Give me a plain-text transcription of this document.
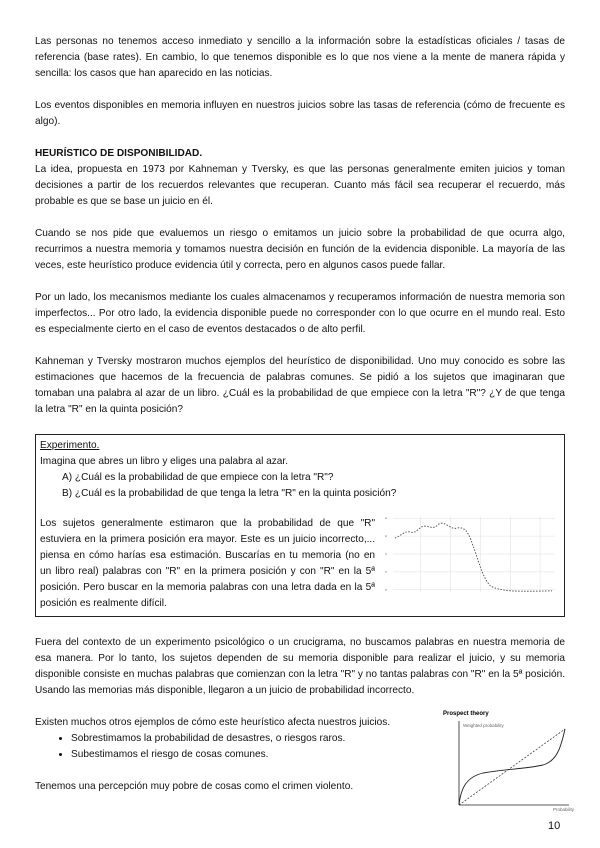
Las personas no tenemos acceso inmediato y sencillo a la información sobre la estadísticas oficiales / tasas de referencia (base rates). En cambio, lo que tenemos disponible es lo que nos viene a la mente de manera rápida y sencilla: los casos que han aparecido en las noticias.

Los eventos disponibles en memoria influyen en nuestros juicios sobre las tasas de referencia (cómo de frecuente es algo).

HEURÍSTICO DE DISPONIBILIDAD.

La idea, propuesta en 1973 por Kahneman y Tversky, es que las personas generalmente emiten juicios y toman decisiones a partir de los recuerdos relevantes que recuperan. Cuanto más fácil sea recuperar el recuerdo, más probable es que se base un juicio en él.

Cuando se nos pide que evaluemos un riesgo o emitamos un juicio sobre la probabilidad de que ocurra algo, recurrimos a nuestra memoria y tomamos nuestra decisión en función de la evidencia disponible. La mayoría de las veces, este heurístico produce evidencia útil y correcta, pero en algunos casos puede fallar.

Por un lado, los mecanismos mediante los cuales almacenamos y recuperamos información de nuestra memoria son imperfectos... Por otro lado, la evidencia disponible puede no corresponder con lo que ocurre en el mundo real. Esto es especialmente cierto en el caso de eventos destacados o de alto perfil.

Kahneman y Tversky mostraron muchos ejemplos del heurístico de disponibilidad. Uno muy conocido es sobre las estimaciones que hacemos de la frecuencia de palabras comunes. Se pidió a los sujetos que imaginaran que tomaban una palabra al azar de un libro. ¿Cuál es la probabilidad de que empiece con la letra "R"? ¿Y de que tenga la letra "R" en la quinta posición?

Experimento.
Imagina que abres un libro y eliges una palabra al azar.
A) ¿Cuál es la probabilidad de que empiece con la letra "R"?
B) ¿Cuál es la probabilidad de que tenga la letra "R" en la quinta posición?

Los sujetos generalmente estimaron que la probabilidad de que "R" estuviera en la primera posición era mayor. Este es un juicio incorrecto,... piensa en cómo harías esa estimación. Buscarías en tu memoria (no en un libro real) palabras con "R" en la primera posición y con "R" en la 5ª posición. Pero buscar en la memoria palabras con una letra dada en la 5ª posición es realmente difícil.

Fuera del contexto de un experimento psicológico o un crucigrama, no buscamos palabras en nuestra memoria de esa manera. Por lo tanto, los sujetos dependen de su memoria disponible para realizar el juicio, y su memoria disponible consiste en muchas palabras que comienzan con la letra "R" y no tantas palabras con "R" en la 5ª posición. Usando las memorias más disponible, llegaron a un juicio de probabilidad incorrecto.

Existen muchos otros ejemplos de cómo este heurístico afecta nuestros juicios.
• Sobrestimamos la probabilidad de desastres, o riesgos raros.
• Subestimamos el riesgo de cosas comunes.
Tenemos una percepción muy pobre de cosas como el crimen violento.
Prospect theory
Weighted probability
Probability
10
